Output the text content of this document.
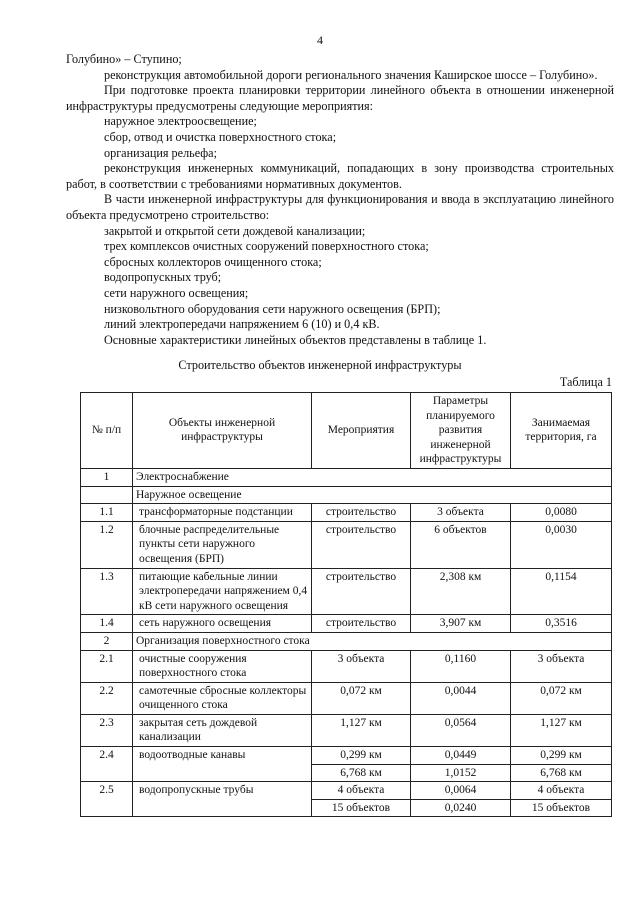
4

Голубино» – Ступино;

реконструкция автомобильной дороги регионального значения Каширское шоссе – Голубино».

При подготовке проекта планировки территории линейного объекта в отношении инженерной инфраструктуры предусмотрены следующие мероприятия:

наружное электроосвещение;

сбор, отвод и очистка поверхностного стока;

организация рельефа;

реконструкция инженерных коммуникаций, попадающих в зону производства строительных работ, в соответствии с требованиями нормативных документов.

В части инженерной инфраструктуры для функционирования и ввода в эксплуатацию линейного объекта предусмотрено строительство:

закрытой и открытой сети дождевой канализации;

трех комплексов очистных сооружений поверхностного стока;

сбросных коллекторов очищенного стока;

водопропускных труб;

сети наружного освещения;

низковольтного оборудования сети наружного освещения (БРП);

линий электропередачи напряжением 6 (10) и 0,4 кВ.

Основные характеристики линейных объектов представлены в таблице 1.

Строительство объектов инженерной инфраструктуры
Таблица 1
№ п/п	Объекты инженерной инфраструктуры	Мероприятия	Параметры планируемого развития инженерной инфраструктуры	Занимаемая территория, га
1	Электроснабжение			
	Наружное освещение			
1.1	трансформаторные подстанции	строительство	3 объекта	0,0080
1.2	блочные распределительные пункты сети наружного освещения (БРП)	строительство	6 объектов	0,0030
1.3	питающие кабельные линии электропередачи напряжением 0,4 кВ сети наружного освещения	строительство	2,308 км	0,1154
1.4	сеть наружного освещения	строительство	3,907 км	0,3516
2	Организация поверхностного стока			
2.1	очистные сооружения поверхностного стока	3 объекта	0,1160	3 объекта
2.2	самотечные сбросные коллекторы очищенного стока	0,072 км	0,0044	0,072 км
2.3	закрытая сеть дождевой канализации	1,127 км	0,0564	1,127 км
2.4	водоотводные канавы	0,299 км	0,0449	0,299 км
		6,768 км	1,0152	6,768 км
2.5	водопропускные трубы	4 объекта	0,0064	4 объекта
		15 объектов	0,0240	15 объектов
